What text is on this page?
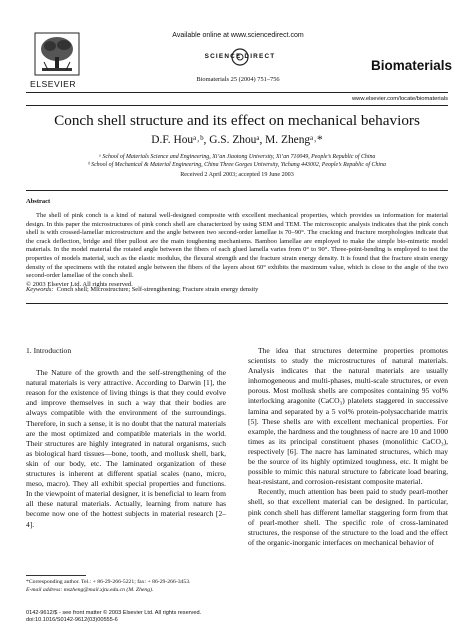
ELSEVIER
Available online at www.sciencedirect.com
SCIENCE DIRECT
Biomaterials 25 (2004) 751–756
Biomaterials
www.elsevier.com/locate/biomaterials
Conch shell structure and its effect on mechanical behaviors
D.F. Houᵃ˒ᵇ, G.S. Zhouᵃ, M. Zhengᵃ˒*
ᵃ School of Materials Science and Engineering, Xi’an Jiaotong University, Xi’an 710049, People’s Republic of China
ᵇ School of Mechanical & Material Engineering, China Three Gorges University, Yichang 443002, People’s Republic of China
Received 2 April 2003; accepted 19 June 2003
Abstract
The shell of pink conch is a kind of natural well-designed composite with excellent mechanical properties, which provides us information for material design. In this paper the microstructures of pink conch shell are characterized by using SEM and TEM. The microscopic analysis indicates that the pink conch shell is with crossed-lamellar microstructure and the angle between two second-order lamellae is 70–90°. The cracking and fracture morphologies indicate that the crack deflection, bridge and fiber pullout are the main toughening mechanisms. Bamboo lamellae are employed to make the simple bio-mimetic model materials. In the model material the rotated angle between the fibers of each glued lamella varies from 0° to 90°. Three-point-bending is employed to test the properties of models material, such as the elastic modulus, the flexural strength and the fracture strain energy density. It is found that the fracture strain energy density of the specimens with the rotated angle between the fibers of the layers about 60° exhibits the maximum value, which is close to the angle of the two second-order lamellae of the conch shell.
© 2003 Elsevier Ltd. All rights reserved.
Keywords: Conch shell; Microstructure; Self-strengthening; Fracture strain energy density
1. Introduction

The Nature of the growth and the self-strengthening of the natural materials is very attractive. According to Darwin [1], the reason for the existence of living things is that they could evolve and improve themselves in such a way that their bodies are always compatible with the environment of the surroundings. Therefore, in such a sense, it is no doubt that the natural materials are the most optimized and compatible materials in the world. Their structures are highly integrated in natural organisms, such as biological hard tissues—bone, tooth, and mollusk shell, bark, skin of our body, etc. The laminated organization of these structures is inherent at different spatial scales (nano, micro, meso, macro). They all exhibit special properties and functions. In the viewpoint of material designer, it is beneficial to learn from all these natural materials. Actually, learning from nature has become now one of the hottest subjects in material research [2–4].

The idea that structures determine properties promotes scientists to study the microstructures of natural materials. Analysis indicates that the natural materials are usually inhomogeneous and multi-phases, multi-scale structures, or even porous. Most mollusk shells are composites containing 95 vol% interlocking aragonite (CaCO₃) platelets staggered in successive lamina and separated by a 5 vol% protein-polysaccharide matrix [5]. These shells are with excellent mechanical properties. For example, the hardness and the toughness of nacre are 10 and 1000 times as its principal constituent phases (monolithic CaCO₃), respectively [6]. The nacre has laminated structures, which may be the source of its highly optimized toughness, etc. It might be possible to mimic this natural structure to fabricate load bearing, heat-resistant, and corrosion-resistant composite material.

Recently, much attention has been paid to study pearl-mother shell, so that excellent material can be designed. In particular, pink conch shell has different lamellar staggering form from that of pearl-mother shell. The specific role of cross-laminated structures, the response of the structure to the load and the effect of the organic-inorganic interfaces on mechanical behavior of

*Corresponding author. Tel.: + 86-29-266-5221; fax: + 86-29-266-3453.
E-mail address: mszheng@mail.xjtu.edu.cn (M. Zheng).
0142-9612/$ - see front matter © 2003 Elsevier Ltd. All rights reserved.
doi:10.1016/S0142-9612(03)00555-6
